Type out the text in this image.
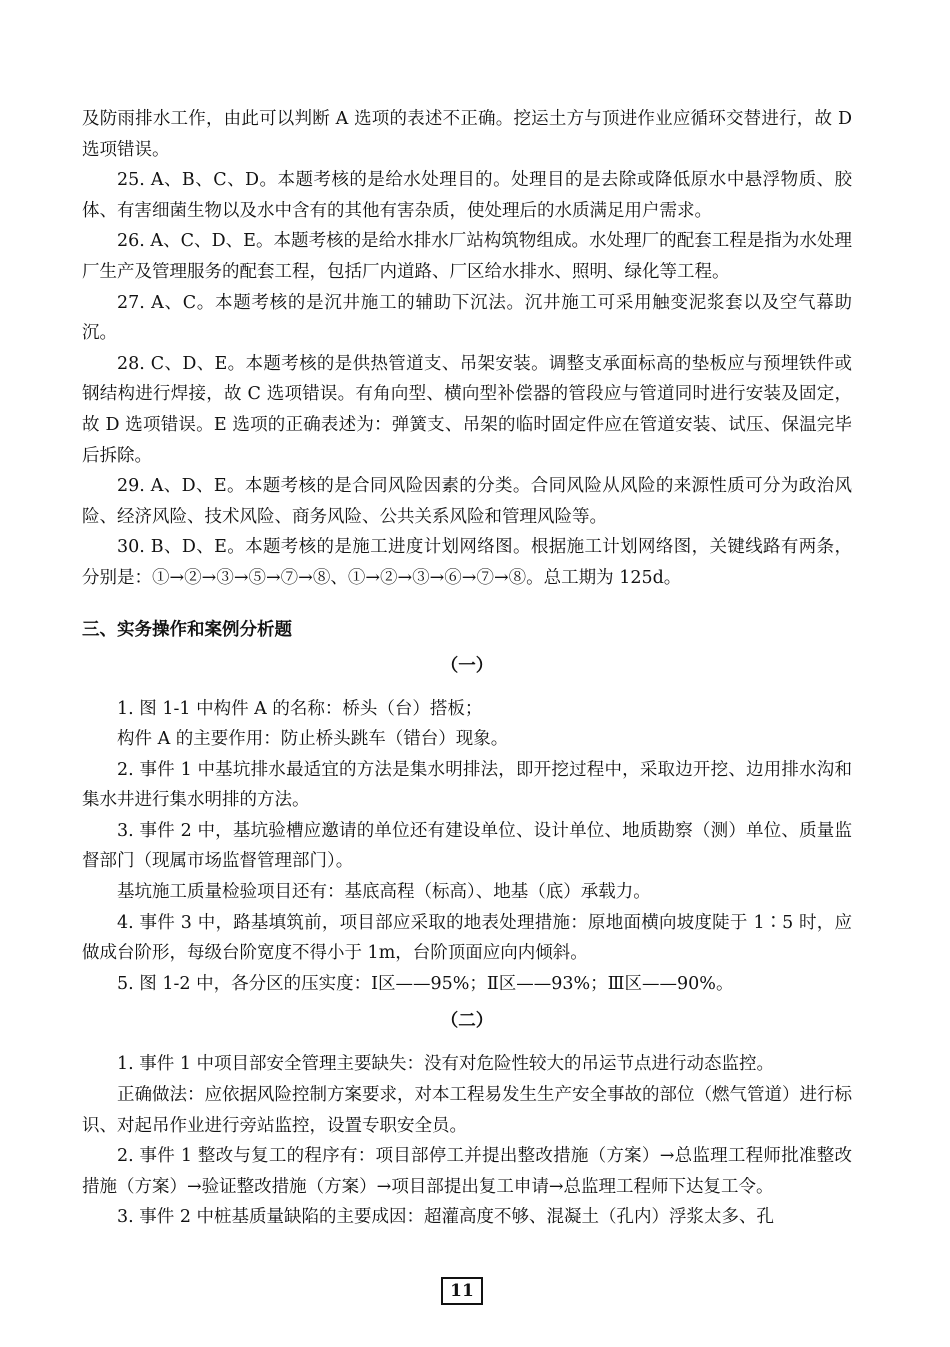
及防雨排水工作，由此可以判断 A 选项的表述不正确。挖运土方与顶进作业应循环交替进行，故 D 选项错误。

25. A、B、C、D。本题考核的是给水处理目的。处理目的是去除或降低原水中悬浮物质、胶体、有害细菌生物以及水中含有的其他有害杂质，使处理后的水质满足用户需求。

26. A、C、D、E。本题考核的是给水排水厂站构筑物组成。水处理厂的配套工程是指为水处理厂生产及管理服务的配套工程，包括厂内道路、厂区给水排水、照明、绿化等工程。

27. A、C。本题考核的是沉井施工的辅助下沉法。沉井施工可采用触变泥浆套以及空气幕助沉。

28. C、D、E。本题考核的是供热管道支、吊架安装。调整支承面标高的垫板应与预埋铁件或钢结构进行焊接，故 C 选项错误。有角向型、横向型补偿器的管段应与管道同时进行安装及固定，故 D 选项错误。E 选项的正确表述为：弹簧支、吊架的临时固定件应在管道安装、试压、保温完毕后拆除。

29. A、D、E。本题考核的是合同风险因素的分类。合同风险从风险的来源性质可分为政治风险、经济风险、技术风险、商务风险、公共关系风险和管理风险等。

30. B、D、E。本题考核的是施工进度计划网络图。根据施工计划网络图，关键线路有两条，分别是：①→②→③→⑤→⑦→⑧、①→②→③→⑥→⑦→⑧。总工期为 125d。

三、实务操作和案例分析题
（一）

1. 图 1-1 中构件 A 的名称：桥头（台）搭板；

构件 A 的主要作用：防止桥头跳车（错台）现象。

2. 事件 1 中基坑排水最适宜的方法是集水明排法，即开挖过程中，采取边开挖、边用排水沟和集水井进行集水明排的方法。

3. 事件 2 中，基坑验槽应邀请的单位还有建设单位、设计单位、地质勘察（测）单位、质量监督部门（现属市场监督管理部门）。

基坑施工质量检验项目还有：基底高程（标高）、地基（底）承载力。

4. 事件 3 中，路基填筑前，项目部应采取的地表处理措施：原地面横向坡度陡于 1∶5 时，应做成台阶形，每级台阶宽度不得小于 1m，台阶顶面应向内倾斜。

5. 图 1-2 中，各分区的压实度：Ⅰ区——95%；Ⅱ区——93%；Ⅲ区——90%。

（二）

1. 事件 1 中项目部安全管理主要缺失：没有对危险性较大的吊运节点进行动态监控。

正确做法：应依据风险控制方案要求，对本工程易发生生产安全事故的部位（燃气管道）进行标识、对起吊作业进行旁站监控，设置专职安全员。

2. 事件 1 整改与复工的程序有：项目部停工并提出整改措施（方案）→总监理工程师批准整改措施（方案）→验证整改措施（方案）→项目部提出复工申请→总监理工程师下达复工令。

3. 事件 2 中桩基质量缺陷的主要成因：超灌高度不够、混凝土（孔内）浮浆太多、孔

11
